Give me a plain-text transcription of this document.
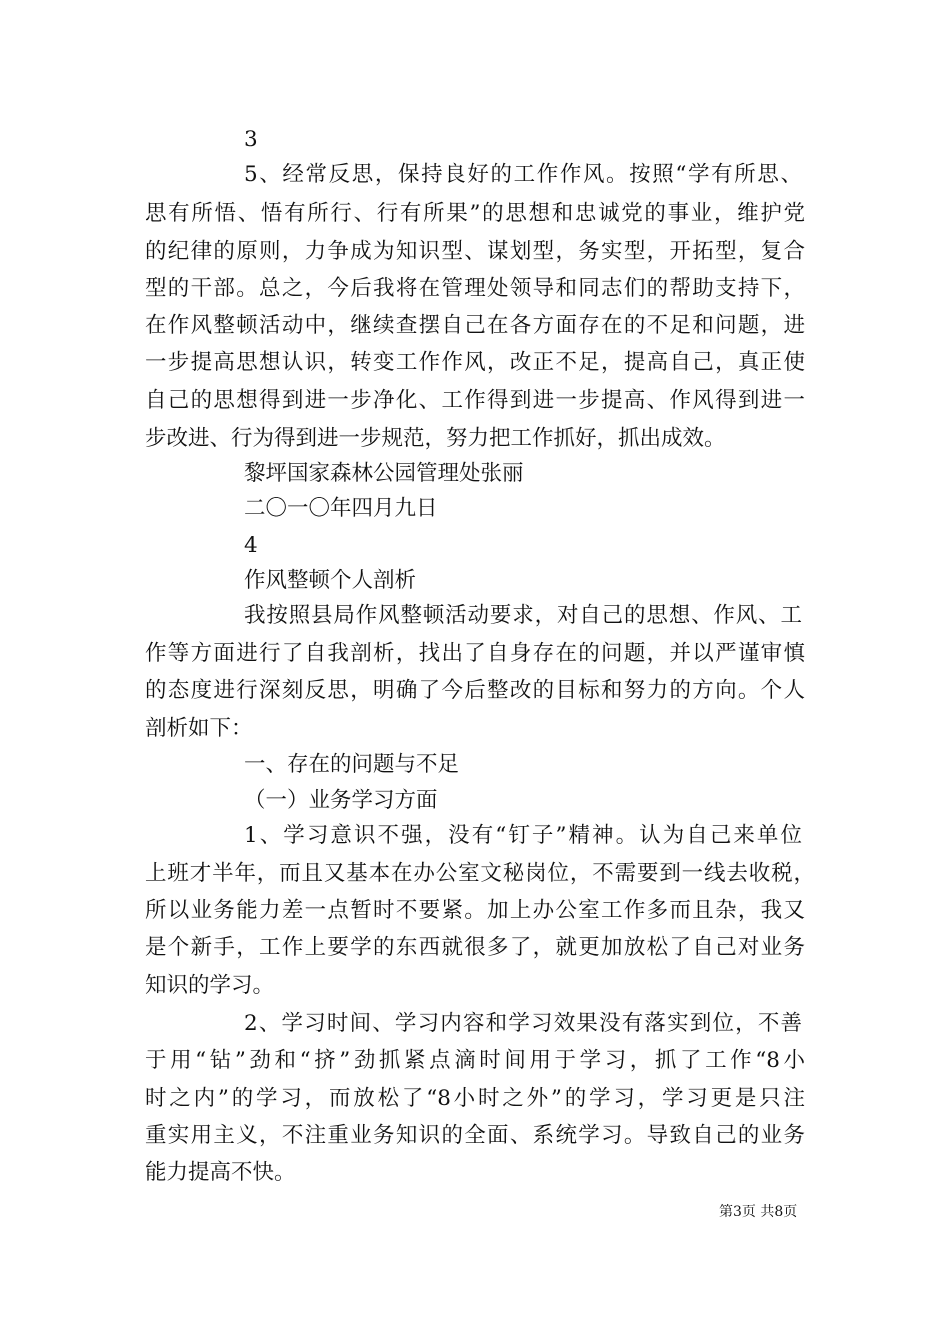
3
5、经常反思，保持良好的工作作风。按照“学有所思、
思有所悟、悟有所行、行有所果”的思想和忠诚党的事业，维护党
的纪律的原则，力争成为知识型、谋划型，务实型，开拓型，复合
型的干部。总之，今后我将在管理处领导和同志们的帮助支持下，
在作风整顿活动中，继续查摆自己在各方面存在的不足和问题，进
一步提高思想认识，转变工作作风，改正不足，提高自己，真正使
自己的思想得到进一步净化、工作得到进一步提高、作风得到进一
步改进、行为得到进一步规范，努力把工作抓好，抓出成效。
黎坪国家森林公园管理处张丽
二〇一〇年四月九日
4
作风整顿个人剖析
我按照县局作风整顿活动要求，对自己的思想、作风、工
作等方面进行了自我剖析，找出了自身存在的问题，并以严谨审慎
的态度进行深刻反思，明确了今后整改的目标和努力的方向。个人
剖析如下：
一、存在的问题与不足
（一）业务学习方面
1、学习意识不强，没有“钉子”精神。认为自己来单位
上班才半年，而且又基本在办公室文秘岗位，不需要到一线去收税，
所以业务能力差一点暂时不要紧。加上办公室工作多而且杂，我又
是个新手，工作上要学的东西就很多了，就更加放松了自己对业务
知识的学习。
2、学习时间、学习内容和学习效果没有落实到位，不善
于用“钻”劲和“挤”劲抓紧点滴时间用于学习，抓了工作“8小
时之内”的学习，而放松了“8小时之外”的学习，学习更是只注
重实用主义，不注重业务知识的全面、系统学习。导致自己的业务
能力提高不快。
第3页 共8页
